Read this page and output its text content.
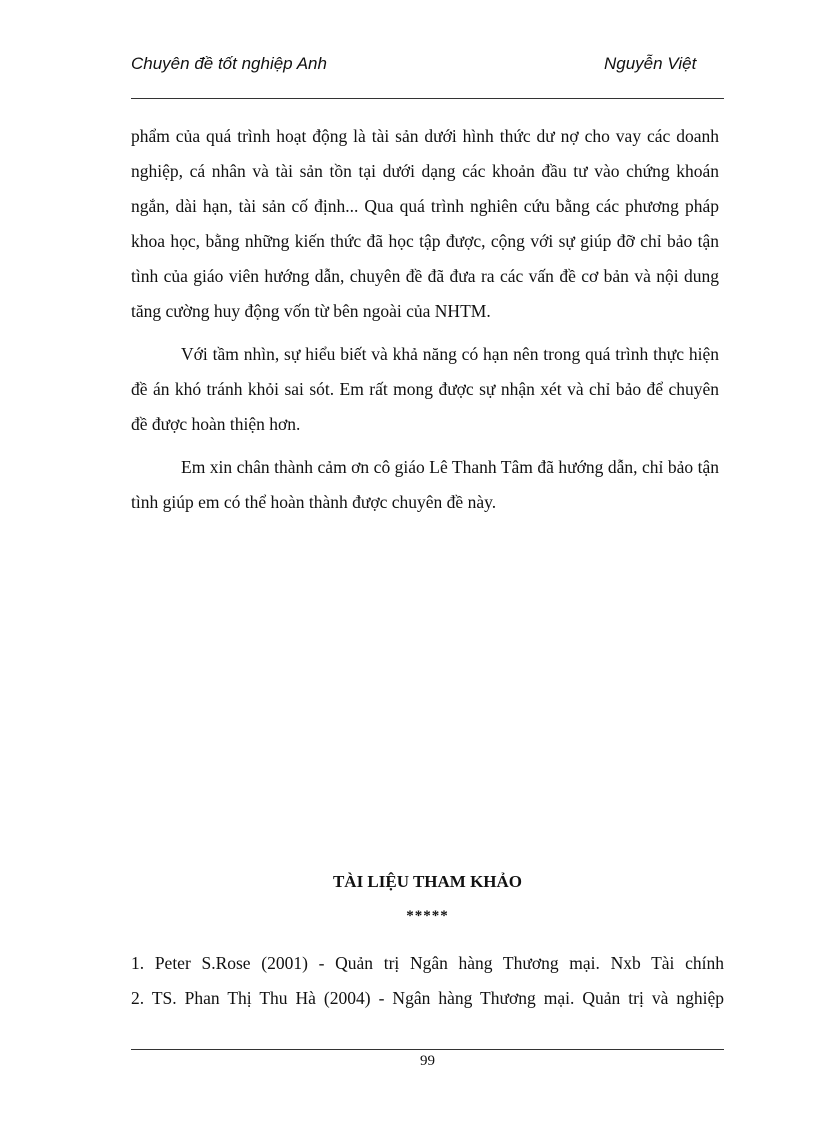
Chuyên đề tốt nghiệp Anh	Nguyễn Việt

phẩm của quá trình hoạt động là tài sản dưới hình thức dư nợ cho vay các doanh nghiệp, cá nhân và tài sản tồn tại dưới dạng các khoản đầu tư vào chứng khoán ngắn, dài hạn, tài sản cố định... Qua quá trình nghiên cứu bằng các phương pháp khoa học, bằng những kiến thức đã học tập được, cộng với sự giúp đỡ chỉ bảo tận tình của giáo viên hướng dẫn, chuyên đề đã đưa ra các vấn đề cơ bản và nội dung tăng cường huy động vốn từ bên ngoài của NHTM.

Với tầm nhìn, sự hiểu biết và khả năng có hạn nên trong quá trình thực hiện đề án khó tránh khỏi sai sót. Em rất mong được sự nhận xét và chỉ bảo để chuyên đề được hoàn thiện hơn.

Em xin chân thành cảm ơn cô giáo Lê Thanh Tâm đã hướng dẫn, chỉ bảo tận tình giúp em có thể hoàn thành được chuyên đề này.

TÀI LIỆU THAM KHẢO
*****
1. Peter S.Rose (2001) - Quản trị Ngân hàng Thương mại. Nxb Tài chính
2. TS. Phan Thị Thu Hà (2004) - Ngân hàng Thương mại. Quản trị và nghiệp
99
